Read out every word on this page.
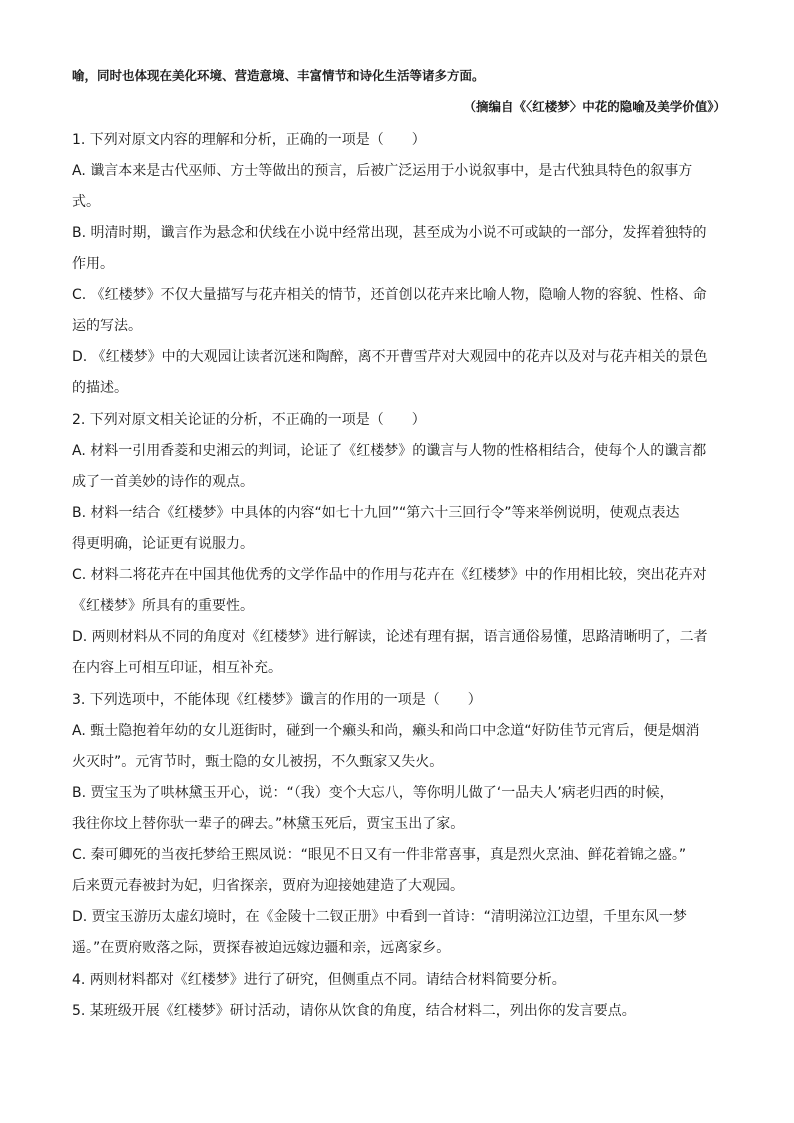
喻，同时也体现在美化环境、营造意境、丰富情节和诗化生活等诸多方面。
（摘编自《〈红楼梦〉中花的隐喻及美学价值》）
1. 下列对原文内容的理解和分析，正确的一项是（　　）
A. 谶言本来是古代巫师、方士等做出的预言，后被广泛运用于小说叙事中，是古代独具特色的叙事方
式。
B. 明清时期，谶言作为悬念和伏线在小说中经常出现，甚至成为小说不可或缺的一部分，发挥着独特的
作用。
C. 《红楼梦》不仅大量描写与花卉相关的情节，还首创以花卉来比喻人物，隐喻人物的容貌、性格、命
运的写法。
D. 《红楼梦》中的大观园让读者沉迷和陶醉，离不开曹雪芹对大观园中的花卉以及对与花卉相关的景色
的描述。
2. 下列对原文相关论证的分析，不正确的一项是（　　）
A. 材料一引用香菱和史湘云的判词，论证了《红楼梦》的谶言与人物的性格相结合，使每个人的谶言都
成了一首美妙的诗作的观点。
B. 材料一结合《红楼梦》中具体的内容“如七十九回”“第六十三回行令”等来举例说明，使观点表达
得更明确，论证更有说服力。
C. 材料二将花卉在中国其他优秀的文学作品中的作用与花卉在《红楼梦》中的作用相比较，突出花卉对
《红楼梦》所具有的重要性。
D. 两则材料从不同的角度对《红楼梦》进行解读，论述有理有据，语言通俗易懂，思路清晰明了，二者
在内容上可相互印证，相互补充。
3. 下列选项中，不能体现《红楼梦》谶言的作用的一项是（　　）
A. 甄士隐抱着年幼的女儿逛街时，碰到一个癞头和尚，癞头和尚口中念道“好防佳节元宵后，便是烟消
火灭时”。元宵节时，甄士隐的女儿被拐，不久甄家又失火。
B. 贾宝玉为了哄林黛玉开心，说：“（我）变个大忘八，等你明儿做了‘一品夫人’病老归西的时候，
我往你坟上替你驮一辈子的碑去。”林黛玉死后，贾宝玉出了家。
C. 秦可卿死的当夜托梦给王熙凤说：“眼见不日又有一件非常喜事，真是烈火烹油、鲜花着锦之盛。”
后来贾元春被封为妃，归省探亲，贾府为迎接她建造了大观园。
D. 贾宝玉游历太虚幻境时，在《金陵十二钗正册》中看到一首诗：“清明涕泣江边望，千里东风一梦
遥。”在贾府败落之际，贾探春被迫远嫁边疆和亲，远离家乡。
4. 两则材料都对《红楼梦》进行了研究，但侧重点不同。请结合材料简要分析。
5. 某班级开展《红楼梦》研讨活动，请你从饮食的角度，结合材料二，列出你的发言要点。
